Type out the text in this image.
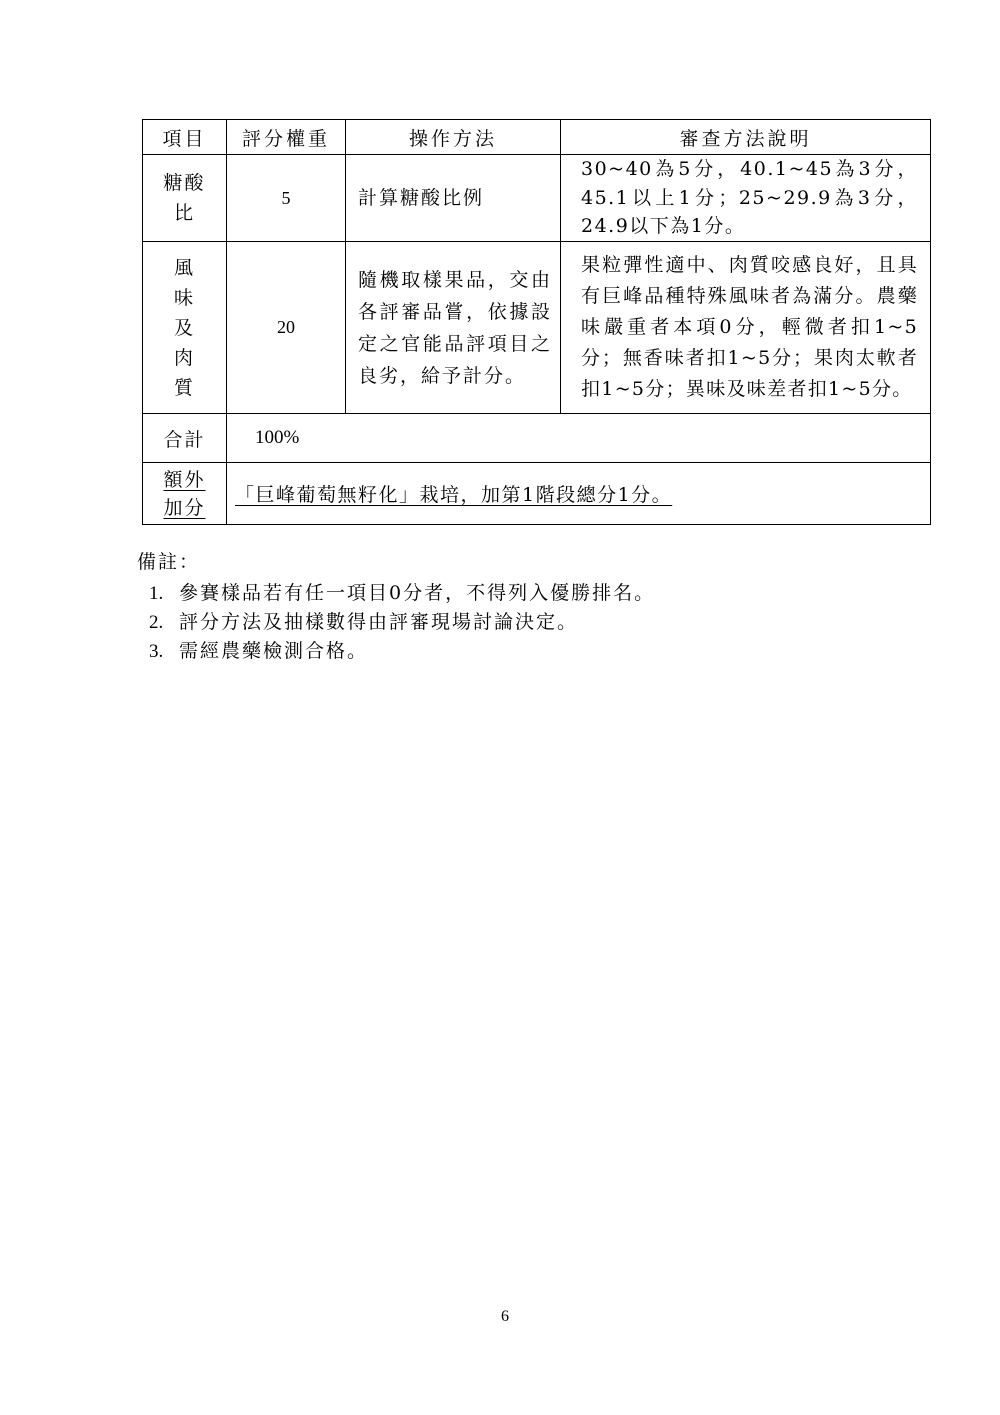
項目	評分權重	操作方法	審查方法說明

糖酸比	5	計算糖酸比例	30~40為5分，40.1~45為3分，45.1以上1分；25~29.9為3分，24.9以下為1分。

風味及肉質	20	隨機取樣果品，交由各評審品嘗，依據設定之官能品評項目之良劣，給予計分。	果粒彈性適中、肉質咬感良好，且具有巨峰品種特殊風味者為滿分。農藥味嚴重者本項0分，輕微者扣1~5分；無香味者扣1~5分；果肉太軟者扣1~5分；異味及味差者扣1~5分。
合計	100%		

額外加分	「巨峰葡萄無籽化」栽培，加第1階段總分1分。		
備註：
1. 參賽樣品若有任一項目0分者，不得列入優勝排名。
2. 評分方法及抽樣數得由評審現場討論決定。
3. 需經農藥檢測合格。
6
